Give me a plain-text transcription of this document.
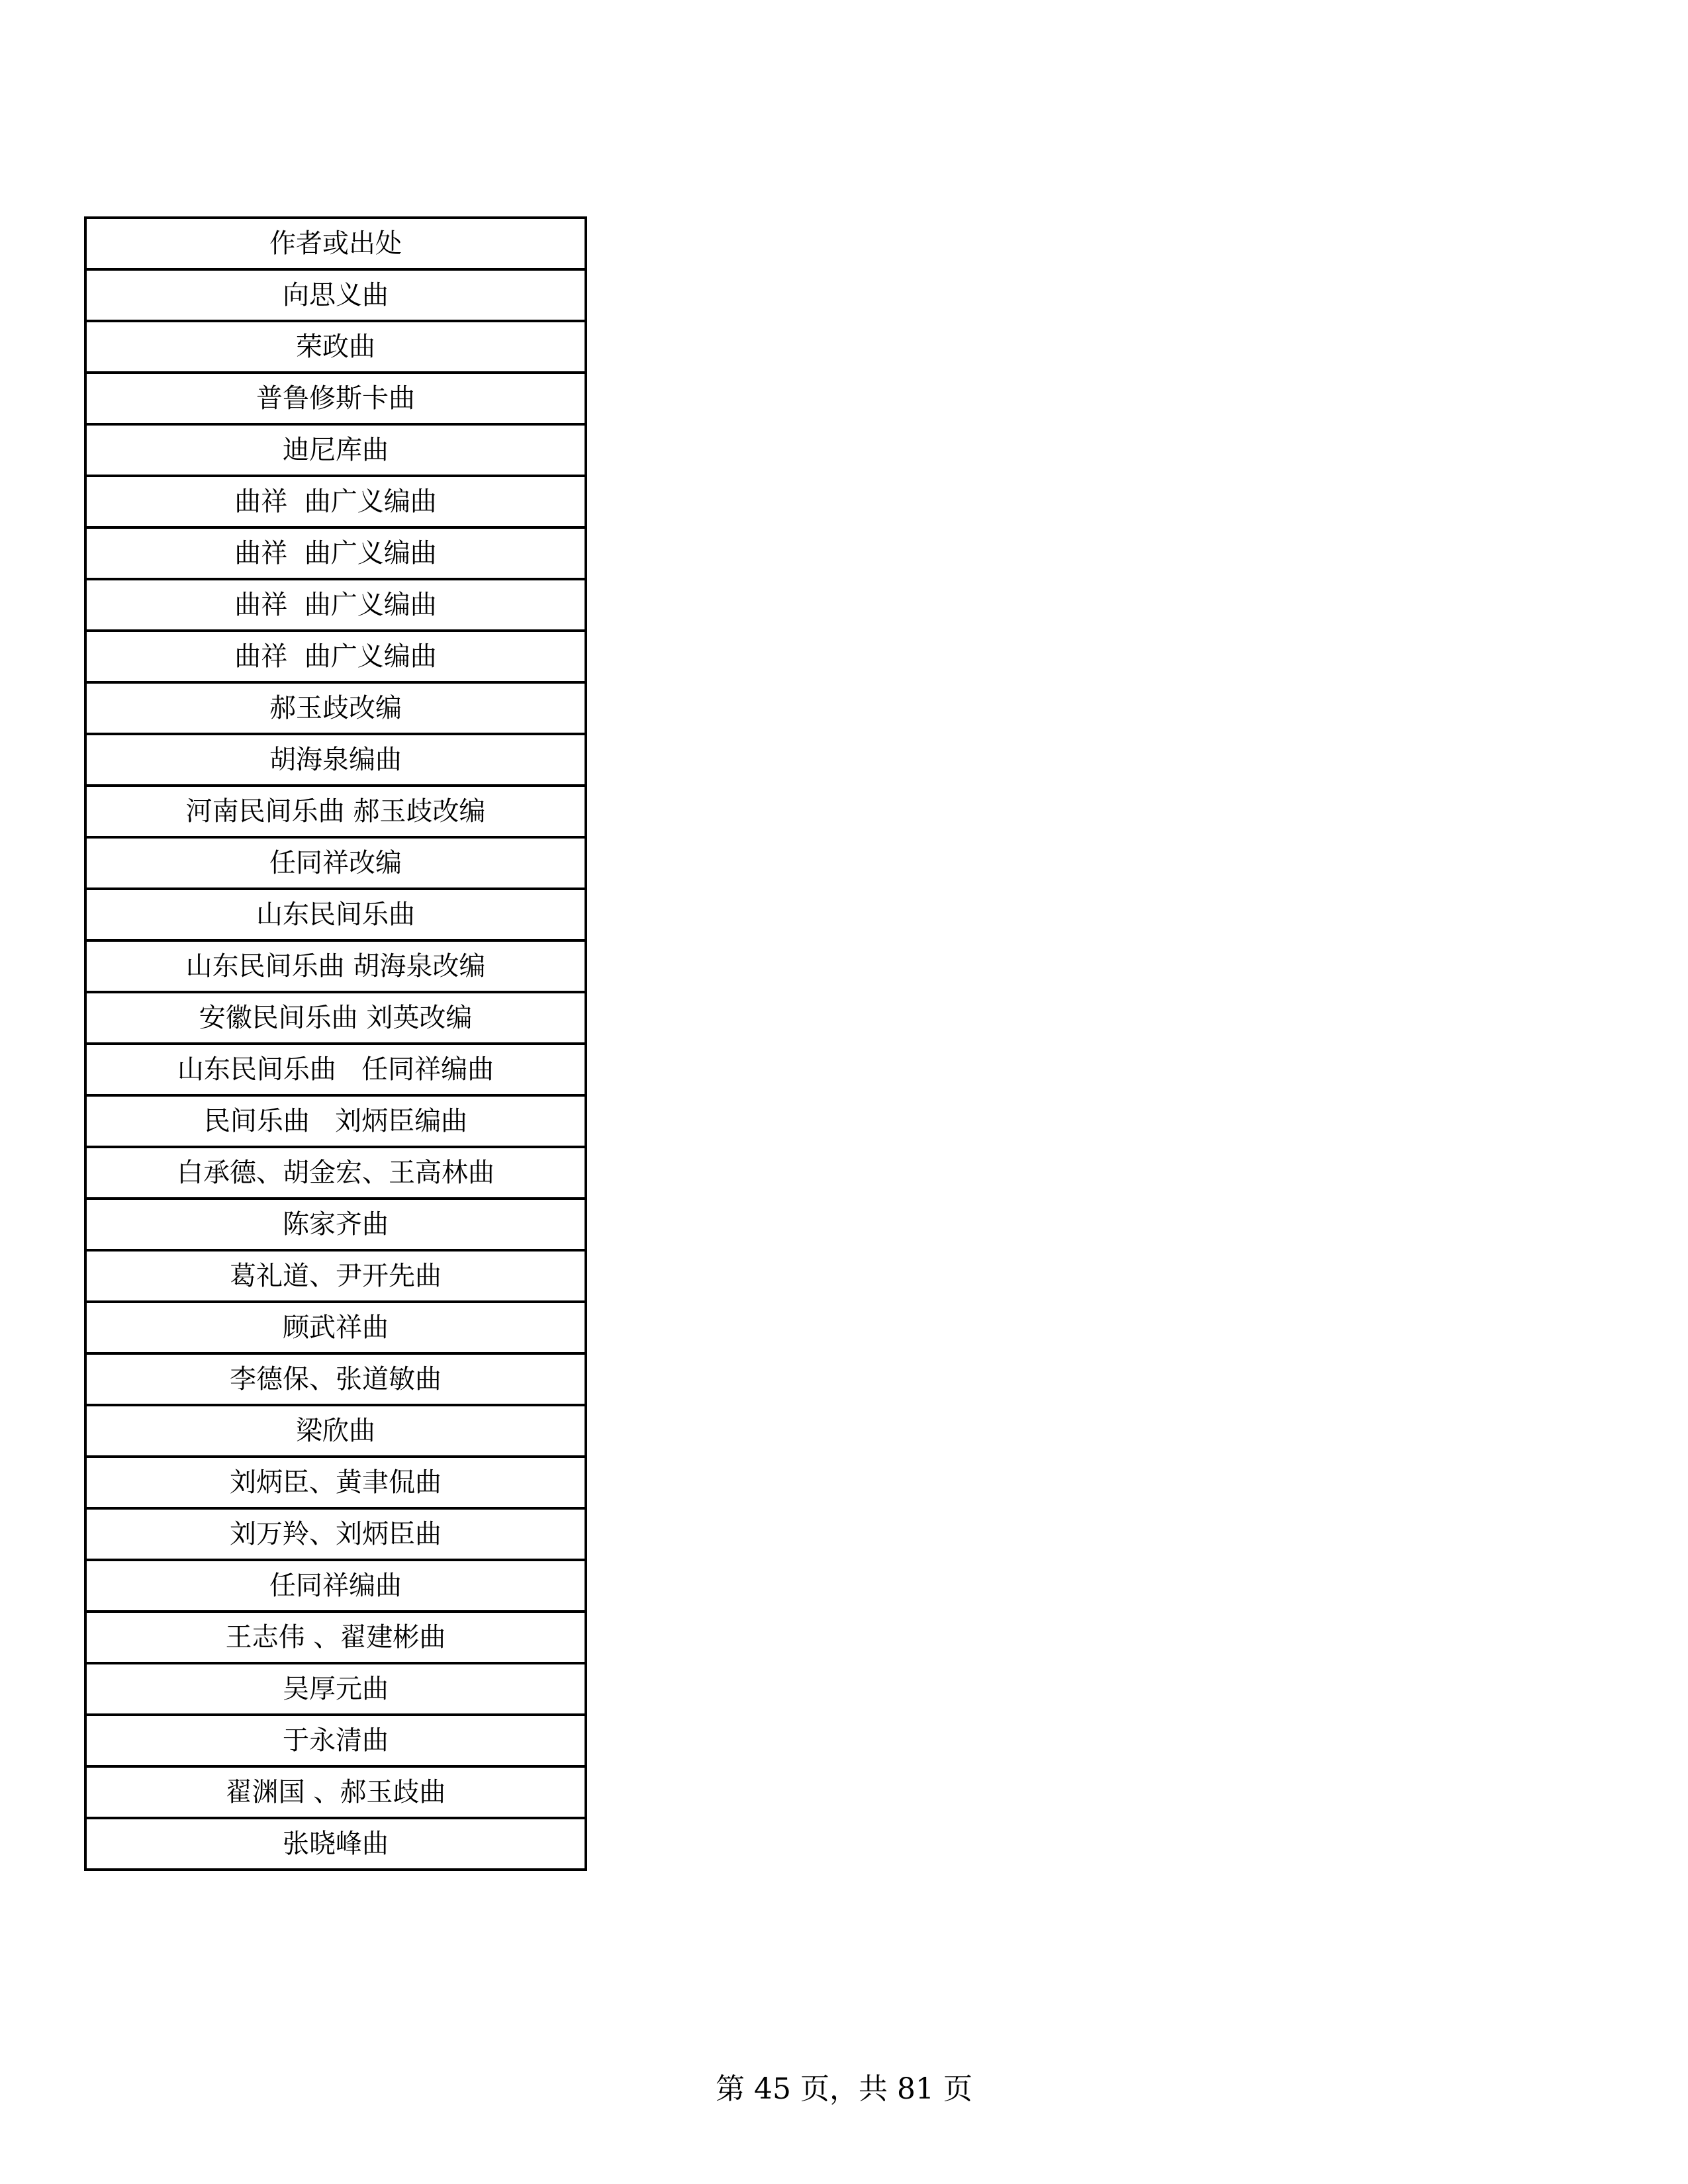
作者或出处
向思义曲
荣政曲
普鲁修斯卡曲
迪尼库曲
曲祥  曲广义编曲
曲祥  曲广义编曲
曲祥  曲广义编曲
曲祥  曲广义编曲
郝玉歧改编
胡海泉编曲
河南民间乐曲 郝玉歧改编
任同祥改编
山东民间乐曲
山东民间乐曲 胡海泉改编
安徽民间乐曲 刘英改编
山东民间乐曲   任同祥编曲
民间乐曲   刘炳臣编曲
白承德、胡金宏、王高林曲
陈家齐曲
葛礼道、尹开先曲
顾武祥曲
李德保、张道敏曲
梁欣曲
刘炳臣、黄聿侃曲
刘万羚、刘炳臣曲
任同祥编曲
王志伟 、翟建彬曲
吴厚元曲
于永清曲
翟渊国 、郝玉歧曲
张晓峰曲
第 45 页，共 81 页
